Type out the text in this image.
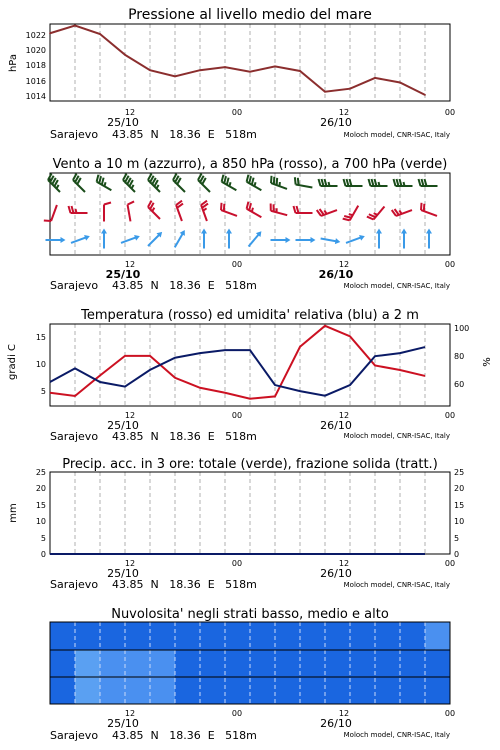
Pressione al livello medio del mare
hPa
1022
1020
1018
1016
1014
12	00	12	00
25/10	26/10
Sarajevo    43.85  N   18.36  E   518m	Moloch model, CNR-ISAC, Italy
Vento a 10 m (azzurro), a 850 hPa (rosso), a 700 hPa (verde)
12	00	12	00
25/10	26/10
Sarajevo    43.85  N   18.36  E   518m	Moloch model, CNR-ISAC, Italy
Temperatura (rosso) ed umidita' relativa (blu) a 2 m
gradi C	%
15
10
5
100
80
60
12	00	12	00
25/10	26/10
Sarajevo    43.85  N   18.36  E   518m	Moloch model, CNR-ISAC, Italy
Precip. acc. in 3 ore: totale (verde), frazione solida (tratt.)
mm
25
20
15
10
5
0
25
20
15
10
5
0
12	00	12	00
25/10	26/10
Sarajevo    43.85  N   18.36  E   518m	Moloch model, CNR-ISAC, Italy
Nuvolosita' negli strati basso, medio e alto
12	00	12	00
25/10	26/10
Sarajevo    43.85  N   18.36  E   518m	Moloch model, CNR-ISAC, Italy
